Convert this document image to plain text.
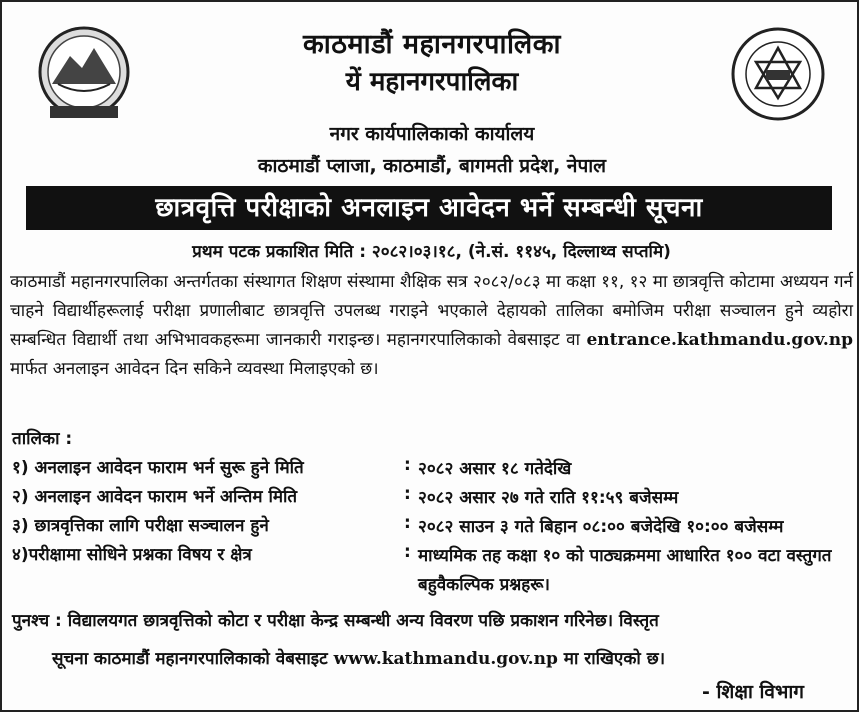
काठमाडौं महानगरपालिका
यें महानगरपालिका
नगर कार्यपालिकाको कार्यालय
काठमाडौं प्लाजा, काठमाडौं, बागमती प्रदेश, नेपाल
छात्रवृत्ति परीक्षाको अनलाइन आवेदन भर्ने सम्बन्धी सूचना
प्रथम पटक प्रकाशित मिति : २०८२।०३।१८, (ने.सं. ११४५, दिल्लाथ्व सप्तमि)
काठमाडौं महानगरपालिका अन्तर्गतका संस्थागत शिक्षण संस्थामा शैक्षिक सत्र २०८२/०८३ मा कक्षा ११, १२ मा छात्रवृत्ति कोटामा अध्ययन गर्न चाहने विद्यार्थीहरूलाई परीक्षा प्रणालीबाट छात्रवृत्ति उपलब्ध गराइने भएकाले देहायको तालिका बमोजिम परीक्षा सञ्चालन हुने व्यहोरा सम्बन्धित विद्यार्थी तथा अभिभावकहरूमा जानकारी गराइन्छ। महानगरपालिकाको वेबसाइट वा entrance.kathmandu.gov.np मार्फत अनलाइन आवेदन दिन सकिने व्यवस्था मिलाइएको छ।
तालिका :
१) अनलाइन आवेदन फाराम भर्न सुरू हुने मिति	: २०८२ असार १८ गतेदेखि
२) अनलाइन आवेदन फाराम भर्ने अन्तिम मिति	: २०८२ असार २७ गते राति ११:५९ बजेसम्म
३) छात्रवृत्तिका लागि परीक्षा सञ्चालन हुने	: २०८२ साउन ३ गते बिहान ०८:०० बजेदेखि १०:०० बजेसम्म
४)परीक्षामा सोधिने प्रश्नका विषय र क्षेत्र	: माध्यमिक तह कक्षा १० को पाठ्यक्रममा आधारित १०० वटा वस्तुगत बहुवैकल्पिक प्रश्नहरू।
पुनश्च : विद्यालयगत छात्रवृत्तिको कोटा र परीक्षा केन्द्र सम्बन्धी अन्य विवरण पछि प्रकाशन गरिनेछ। विस्तृत
सूचना काठमाडौं महानगरपालिकाको वेबसाइट www.kathmandu.gov.np मा राखिएको छ।
- शिक्षा विभाग
